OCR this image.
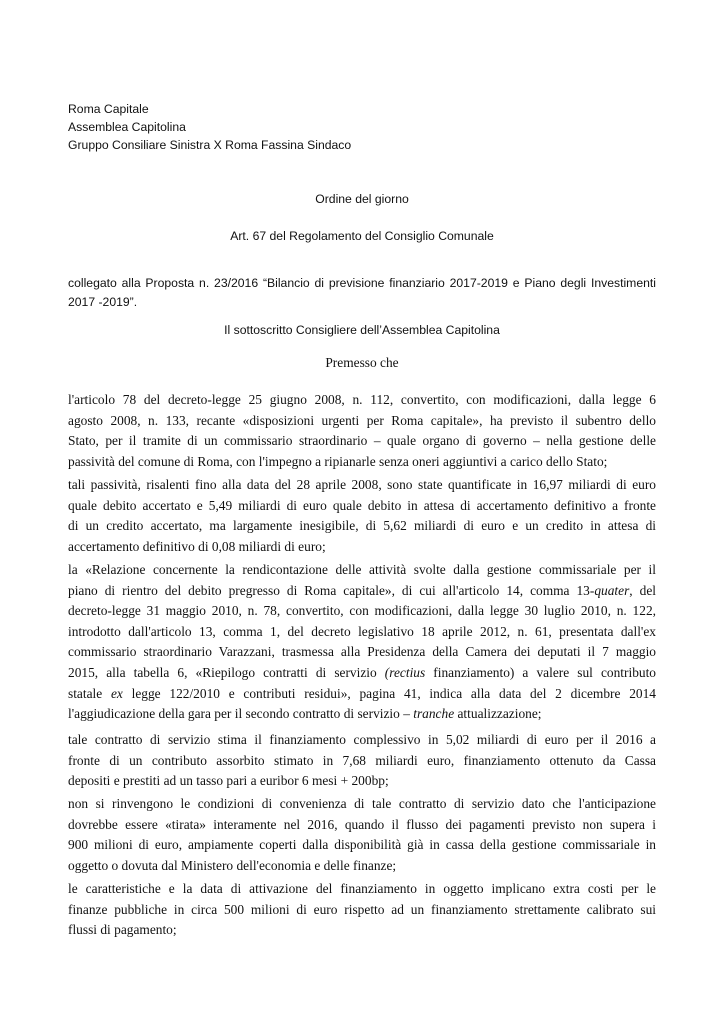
Roma Capitale
Assemblea Capitolina
Gruppo Consiliare Sinistra X Roma Fassina Sindaco
Ordine del giorno
Art. 67 del Regolamento del Consiglio Comunale
collegato alla Proposta n. 23/2016 “Bilancio di previsione finanziario 2017-2019 e Piano degli Investimenti
2017 -2019”.
Il sottoscritto Consigliere dell’Assemblea Capitolina
Premesso che
l'articolo 78 del decreto-legge 25 giugno 2008, n. 112, convertito, con modificazioni, dalla legge 6
agosto 2008, n. 133, recante «disposizioni urgenti per Roma capitale», ha previsto il subentro dello
Stato, per il tramite di un commissario straordinario – quale organo di governo – nella gestione delle
passività del comune di Roma, con l'impegno a ripianarle senza oneri aggiuntivi a carico dello Stato;
tali passività, risalenti fino alla data del 28 aprile 2008, sono state quantificate in 16,97 miliardi di euro
quale debito accertato e 5,49 miliardi di euro quale debito in attesa di accertamento definitivo a fronte
di un credito accertato, ma largamente inesigibile, di 5,62 miliardi di euro e un credito in attesa di
accertamento definitivo di 0,08 miliardi di euro;
la «Relazione concernente la rendicontazione delle attività svolte dalla gestione commissariale per il
piano di rientro del debito pregresso di Roma capitale», di cui all'articolo 14, comma 13-quater, del
decreto-legge 31 maggio 2010, n. 78, convertito, con modificazioni, dalla legge 30 luglio 2010, n. 122,
introdotto dall'articolo 13, comma 1, del decreto legislativo 18 aprile 2012, n. 61, presentata dall'ex
commissario straordinario Varazzani, trasmessa alla Presidenza della Camera dei deputati il 7 maggio
2015, alla tabella 6, «Riepilogo contratti di servizio (rectius finanziamento) a valere sul contributo
statale ex legge 122/2010 e contributi residui», pagina 41, indica alla data del 2 dicembre 2014
l'aggiudicazione della gara per il secondo contratto di servizio – tranche attualizzazione;
tale contratto di servizio stima il finanziamento complessivo in 5,02 miliardi di euro per il 2016 a
fronte di un contributo assorbito stimato in 7,68 miliardi euro, finanziamento ottenuto da Cassa
depositi e prestiti ad un tasso pari a euribor 6 mesi + 200bp;
non si rinvengono le condizioni di convenienza di tale contratto di servizio dato che l'anticipazione
dovrebbe essere «tirata» interamente nel 2016, quando il flusso dei pagamenti previsto non supera i
900 milioni di euro, ampiamente coperti dalla disponibilità già in cassa della gestione commissariale in
oggetto o dovuta dal Ministero dell'economia e delle finanze;
le caratteristiche e la data di attivazione del finanziamento in oggetto implicano extra costi per le
finanze pubbliche in circa 500 milioni di euro rispetto ad un finanziamento strettamente calibrato sui
flussi di pagamento;
